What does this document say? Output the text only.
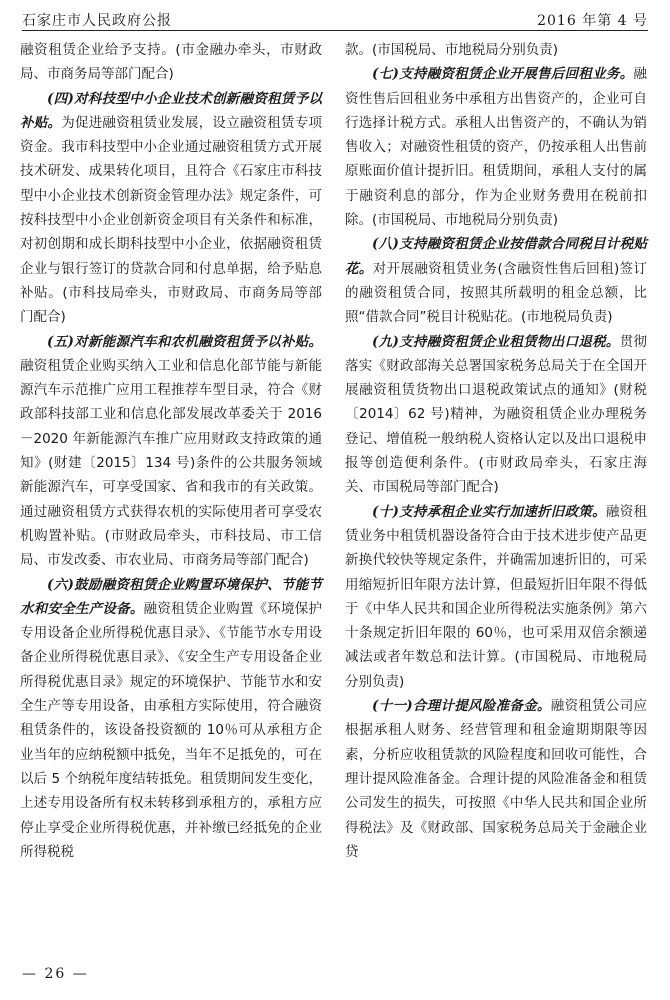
石家庄市人民政府公报	2016 年第 4 号

融资租赁企业给予支持。(市金融办牵头，市财政局、市商务局等部门配合)

(四)对科技型中小企业技术创新融资租赁予以补贴。为促进融资租赁业发展，设立融资租赁专项资金。我市科技型中小企业通过融资租赁方式开展技术研发、成果转化项目，且符合《石家庄市科技型中小企业技术创新资金管理办法》规定条件，可按科技型中小企业创新资金项目有关条件和标准，对初创期和成长期科技型中小企业，依据融资租赁企业与银行签订的贷款合同和付息单据，给予贴息补贴。(市科技局牵头，市财政局、市商务局等部门配合)

(五)对新能源汽车和农机融资租赁予以补贴。融资租赁企业购买纳入工业和信息化部节能与新能源汽车示范推广应用工程推荐车型目录，符合《财政部科技部工业和信息化部发展改革委关于 2016－2020 年新能源汽车推广应用财政支持政策的通知》(财建〔2015〕134 号)条件的公共服务领域新能源汽车，可享受国家、省和我市的有关政策。通过融资租赁方式获得农机的实际使用者可享受农机购置补贴。(市财政局牵头，市科技局、市工信局、市发改委、市农业局、市商务局等部门配合)

(六)鼓励融资租赁企业购置环境保护、节能节水和安全生产设备。融资租赁企业购置《环境保护专用设备企业所得税优惠目录》、《节能节水专用设备企业所得税优惠目录》、《安全生产专用设备企业所得税优惠目录》规定的环境保护、节能节水和安全生产等专用设备，由承租方实际使用，符合融资租赁条件的，该设备投资额的 10％可从承租方企业当年的应纳税额中抵免，当年不足抵免的，可在以后 5 个纳税年度结转抵免。租赁期间发生变化，上述专用设备所有权未转移到承租方的，承租方应停止享受企业所得税优惠，并补缴已经抵免的企业所得税税

款。(市国税局、市地税局分别负责)

(七)支持融资租赁企业开展售后回租业务。融资性售后回租业务中承租方出售资产的，企业可自行选择计税方式。承租人出售资产的，不确认为销售收入；对融资性租赁的资产，仍按承租人出售前原账面价值计提折旧。租赁期间，承租人支付的属于融资利息的部分，作为企业财务费用在税前扣除。(市国税局、市地税局分别负责)

(八)支持融资租赁企业按借款合同税目计税贴花。对开展融资租赁业务(含融资性售后回租)签订的融资租赁合同，按照其所载明的租金总额，比照“借款合同”税目计税贴花。(市地税局负责)

(九)支持融资租赁企业租赁物出口退税。贯彻落实《财政部海关总署国家税务总局关于在全国开展融资租赁货物出口退税政策试点的通知》(财税〔2014〕62 号)精神，为融资租赁企业办理税务登记、增值税一般纳税人资格认定以及出口退税申报等创造便利条件。(市财政局牵头，石家庄海关、市国税局等部门配合)

(十)支持承租企业实行加速折旧政策。融资租赁业务中租赁机器设备符合由于技术进步使产品更新换代较快等规定条件，并确需加速折旧的，可采用缩短折旧年限方法计算，但最短折旧年限不得低于《中华人民共和国企业所得税法实施条例》第六十条规定折旧年限的 60％，也可采用双倍余额递减法或者年数总和法计算。(市国税局、市地税局分别负责)

(十一)合理计提风险准备金。融资租赁公司应根据承租人财务、经营管理和租金逾期期限等因素，分析应收租赁款的风险程度和回收可能性，合理计提风险准备金。合理计提的风险准备金和租赁公司发生的损失，可按照《中华人民共和国企业所得税法》及《财政部、国家税务总局关于金融企业贷

— 26 —
